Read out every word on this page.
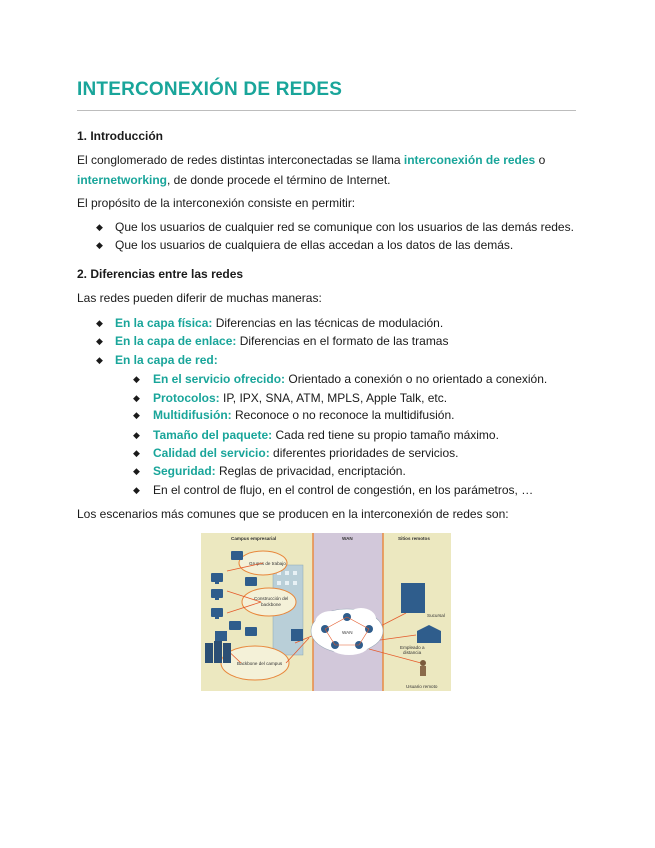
INTERCONEXIÓN DE REDES
1. Introducción
El conglomerado de redes distintas interconectadas se llama interconexión de redes o
internetworking, de donde procede el término de Internet.
El propósito de la interconexión consiste en permitir:
◆ Que los usuarios de cualquier red se comunique con los usuarios de las demás redes.
◆ Que los usuarios de cualquiera de ellas accedan a los datos de las demás.
2. Diferencias entre las redes
Las redes pueden diferir de muchas maneras:
◆ En la capa física: Diferencias en las técnicas de modulación.
◆ En la capa de enlace: Diferencias en el formato de las tramas
◆ En la capa de red:
◆ En el servicio ofrecido: Orientado a conexión o no orientado a conexión.
◆ Protocolos: IP, IPX, SNA, ATM, MPLS, Apple Talk, etc.
◆ Multidifusión: Reconoce o no reconoce la multidifusión.
◆ Tamaño del paquete: Cada red tiene su propio tamaño máximo.
◆ Calidad del servicio: diferentes prioridades de servicios.
◆ Seguridad: Reglas de privacidad, encriptación.
◆ En el control de flujo, en el control de congestión, en los parámetros, …
Los escenarios más comunes que se producen en la interconexión de redes son:
Campus empresarial	WAN	Sitios remotos
Grupos de trabajo
Construcción del
backbone
Backbone del campus
WAN
Sucursal
Empleado a
distancia
Usuario remoto
